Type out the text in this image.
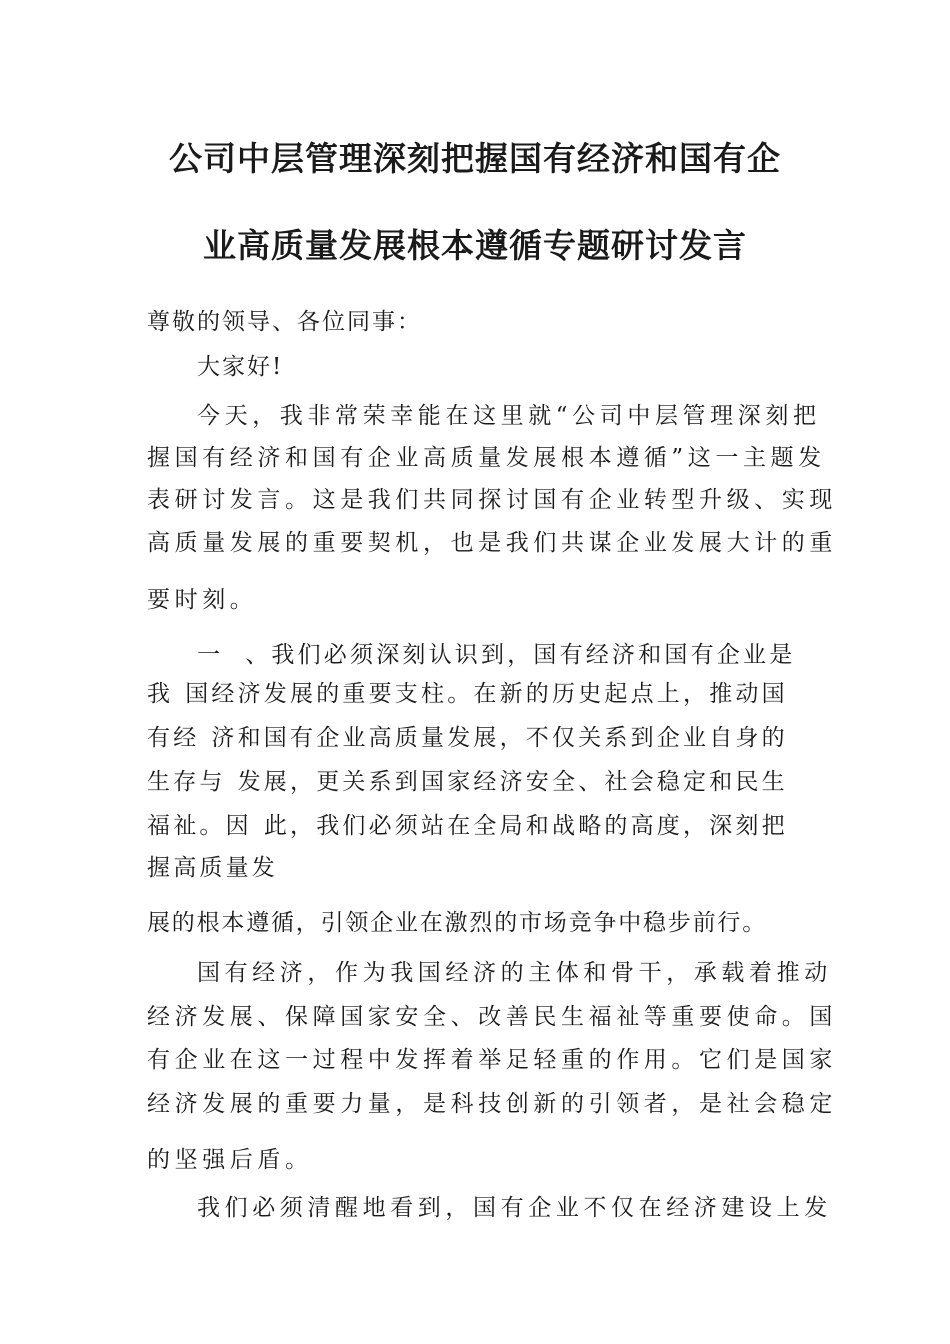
公司中层管理深刻把握国有经济和国有企
业高质量发展根本遵循专题研讨发言
尊敬的领导、各位同事：
大家好!
今天，我非常荣幸能在这里就“公司中层管理深刻把
握国有经济和国有企业高质量发展根本遵循”这一主题发
表研讨发言。这是我们共同探讨国有企业转型升级、实现
高质量发展的重要契机，也是我们共谋企业发展大计的重
要时刻。
一 、我们必须深刻认识到，国有经济和国有企业是
我 国经济发展的重要支柱。在新的历史起点上，推动国
有经 济和国有企业高质量发展，不仅关系到企业自身的
生存与 发展，更关系到国家经济安全、社会稳定和民生
福祉。因 此，我们必须站在全局和战略的高度，深刻把
握高质量发
展的根本遵循，引领企业在激烈的市场竞争中稳步前行。
国有经济，作为我国经济的主体和骨干，承载着推动
经济发展、保障国家安全、改善民生福祉等重要使命。国
有企业在这一过程中发挥着举足轻重的作用。它们是国家
经济发展的重要力量，是科技创新的引领者，是社会稳定
的坚强后盾。
我们必须清醒地看到，国有企业不仅在经济建设上发
